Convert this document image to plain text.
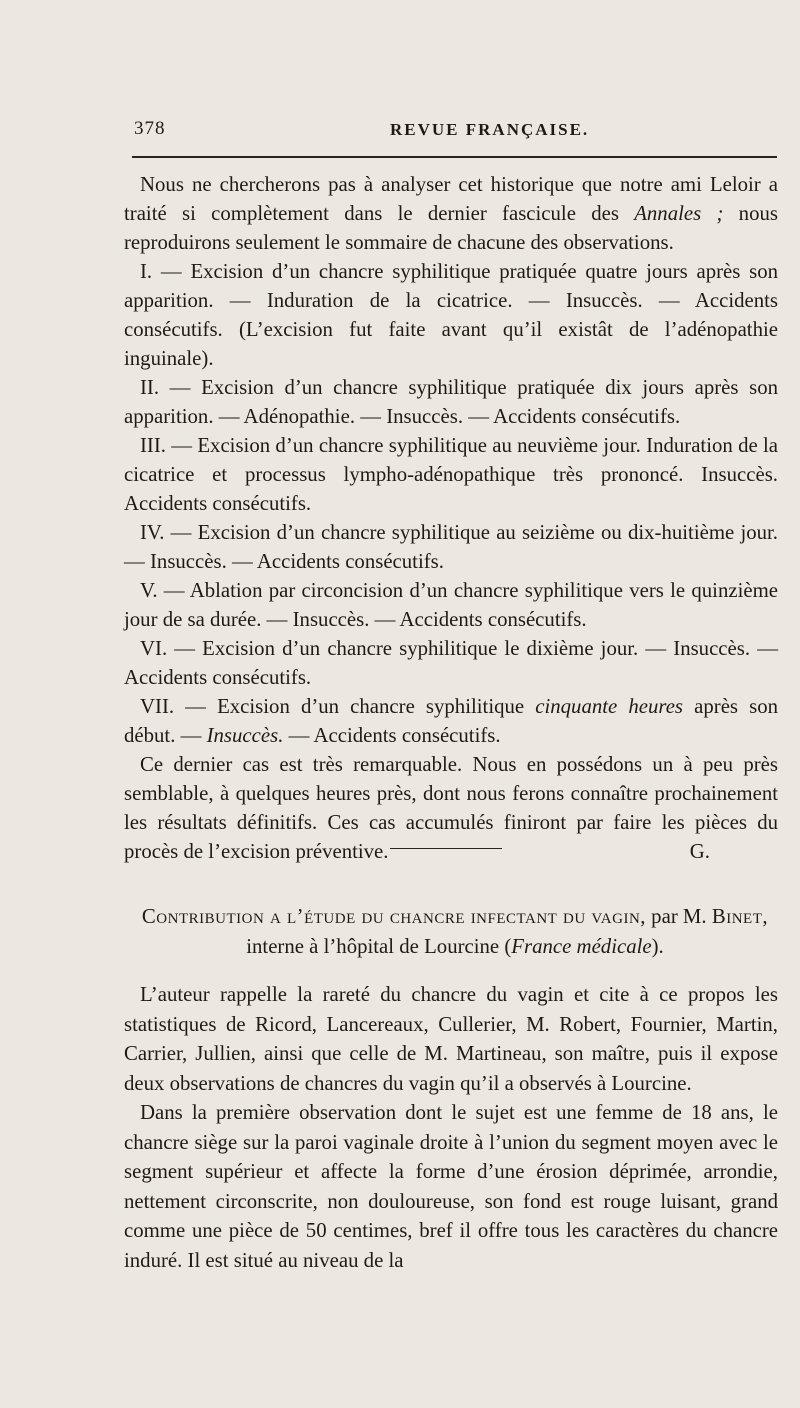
378	REVUE FRANÇAISE.

Nous ne chercherons pas à analyser cet historique que notre ami Leloir a traité si complètement dans le dernier fascicule des Annales ; nous reproduirons seulement le sommaire de chacune des observations.

I. — Excision d’un chancre syphilitique pratiquée quatre jours après son apparition. — Induration de la cicatrice. — Insuccès. — Accidents consécutifs. (L’excision fut faite avant qu’il existât de l’adénopathie inguinale).

II. — Excision d’un chancre syphilitique pratiquée dix jours après son apparition. — Adénopathie. — Insuccès. — Accidents consécutifs.

III. — Excision d’un chancre syphilitique au neuvième jour. Induration de la cicatrice et processus lympho-adénopathique très prononcé. Insuccès. Accidents consécutifs.

IV. — Excision d’un chancre syphilitique au seizième ou dix-huitième jour. — Insuccès. — Accidents consécutifs.

V. — Ablation par circoncision d’un chancre syphilitique vers le quinzième jour de sa durée. — Insuccès. — Accidents consécutifs.

VI. — Excision d’un chancre syphilitique le dixième jour. — Insuccès. — Accidents consécutifs.

VII. — Excision d’un chancre syphilitique cinquante heures après son début. — Insuccès. — Accidents consécutifs.

Ce dernier cas est très remarquable. Nous en possédons un à peu près semblable, à quelques heures près, dont nous ferons connaître prochainement les résultats définitifs. Ces cas accumulés finiront par faire les pièces du procès de l’excision préventive.	G.

Contribution a l’étude du chancre infectant du vagin, par M. Binet,
interne à l’hôpital de Lourcine (France médicale).

L’auteur rappelle la rareté du chancre du vagin et cite à ce propos les statistiques de Ricord, Lancereaux, Cullerier, M. Robert, Fournier, Martin, Carrier, Jullien, ainsi que celle de M. Martineau, son maître, puis il expose deux observations de chancres du vagin qu’il a observés à Lourcine.

Dans la première observation dont le sujet est une femme de 18 ans, le chancre siège sur la paroi vaginale droite à l’union du segment moyen avec le segment supérieur et affecte la forme d’une érosion déprimée, arrondie, nettement circonscrite, non douloureuse, son fond est rouge luisant, grand comme une pièce de 50 centimes, bref il offre tous les caractères du chancre induré. Il est situé au niveau de la
